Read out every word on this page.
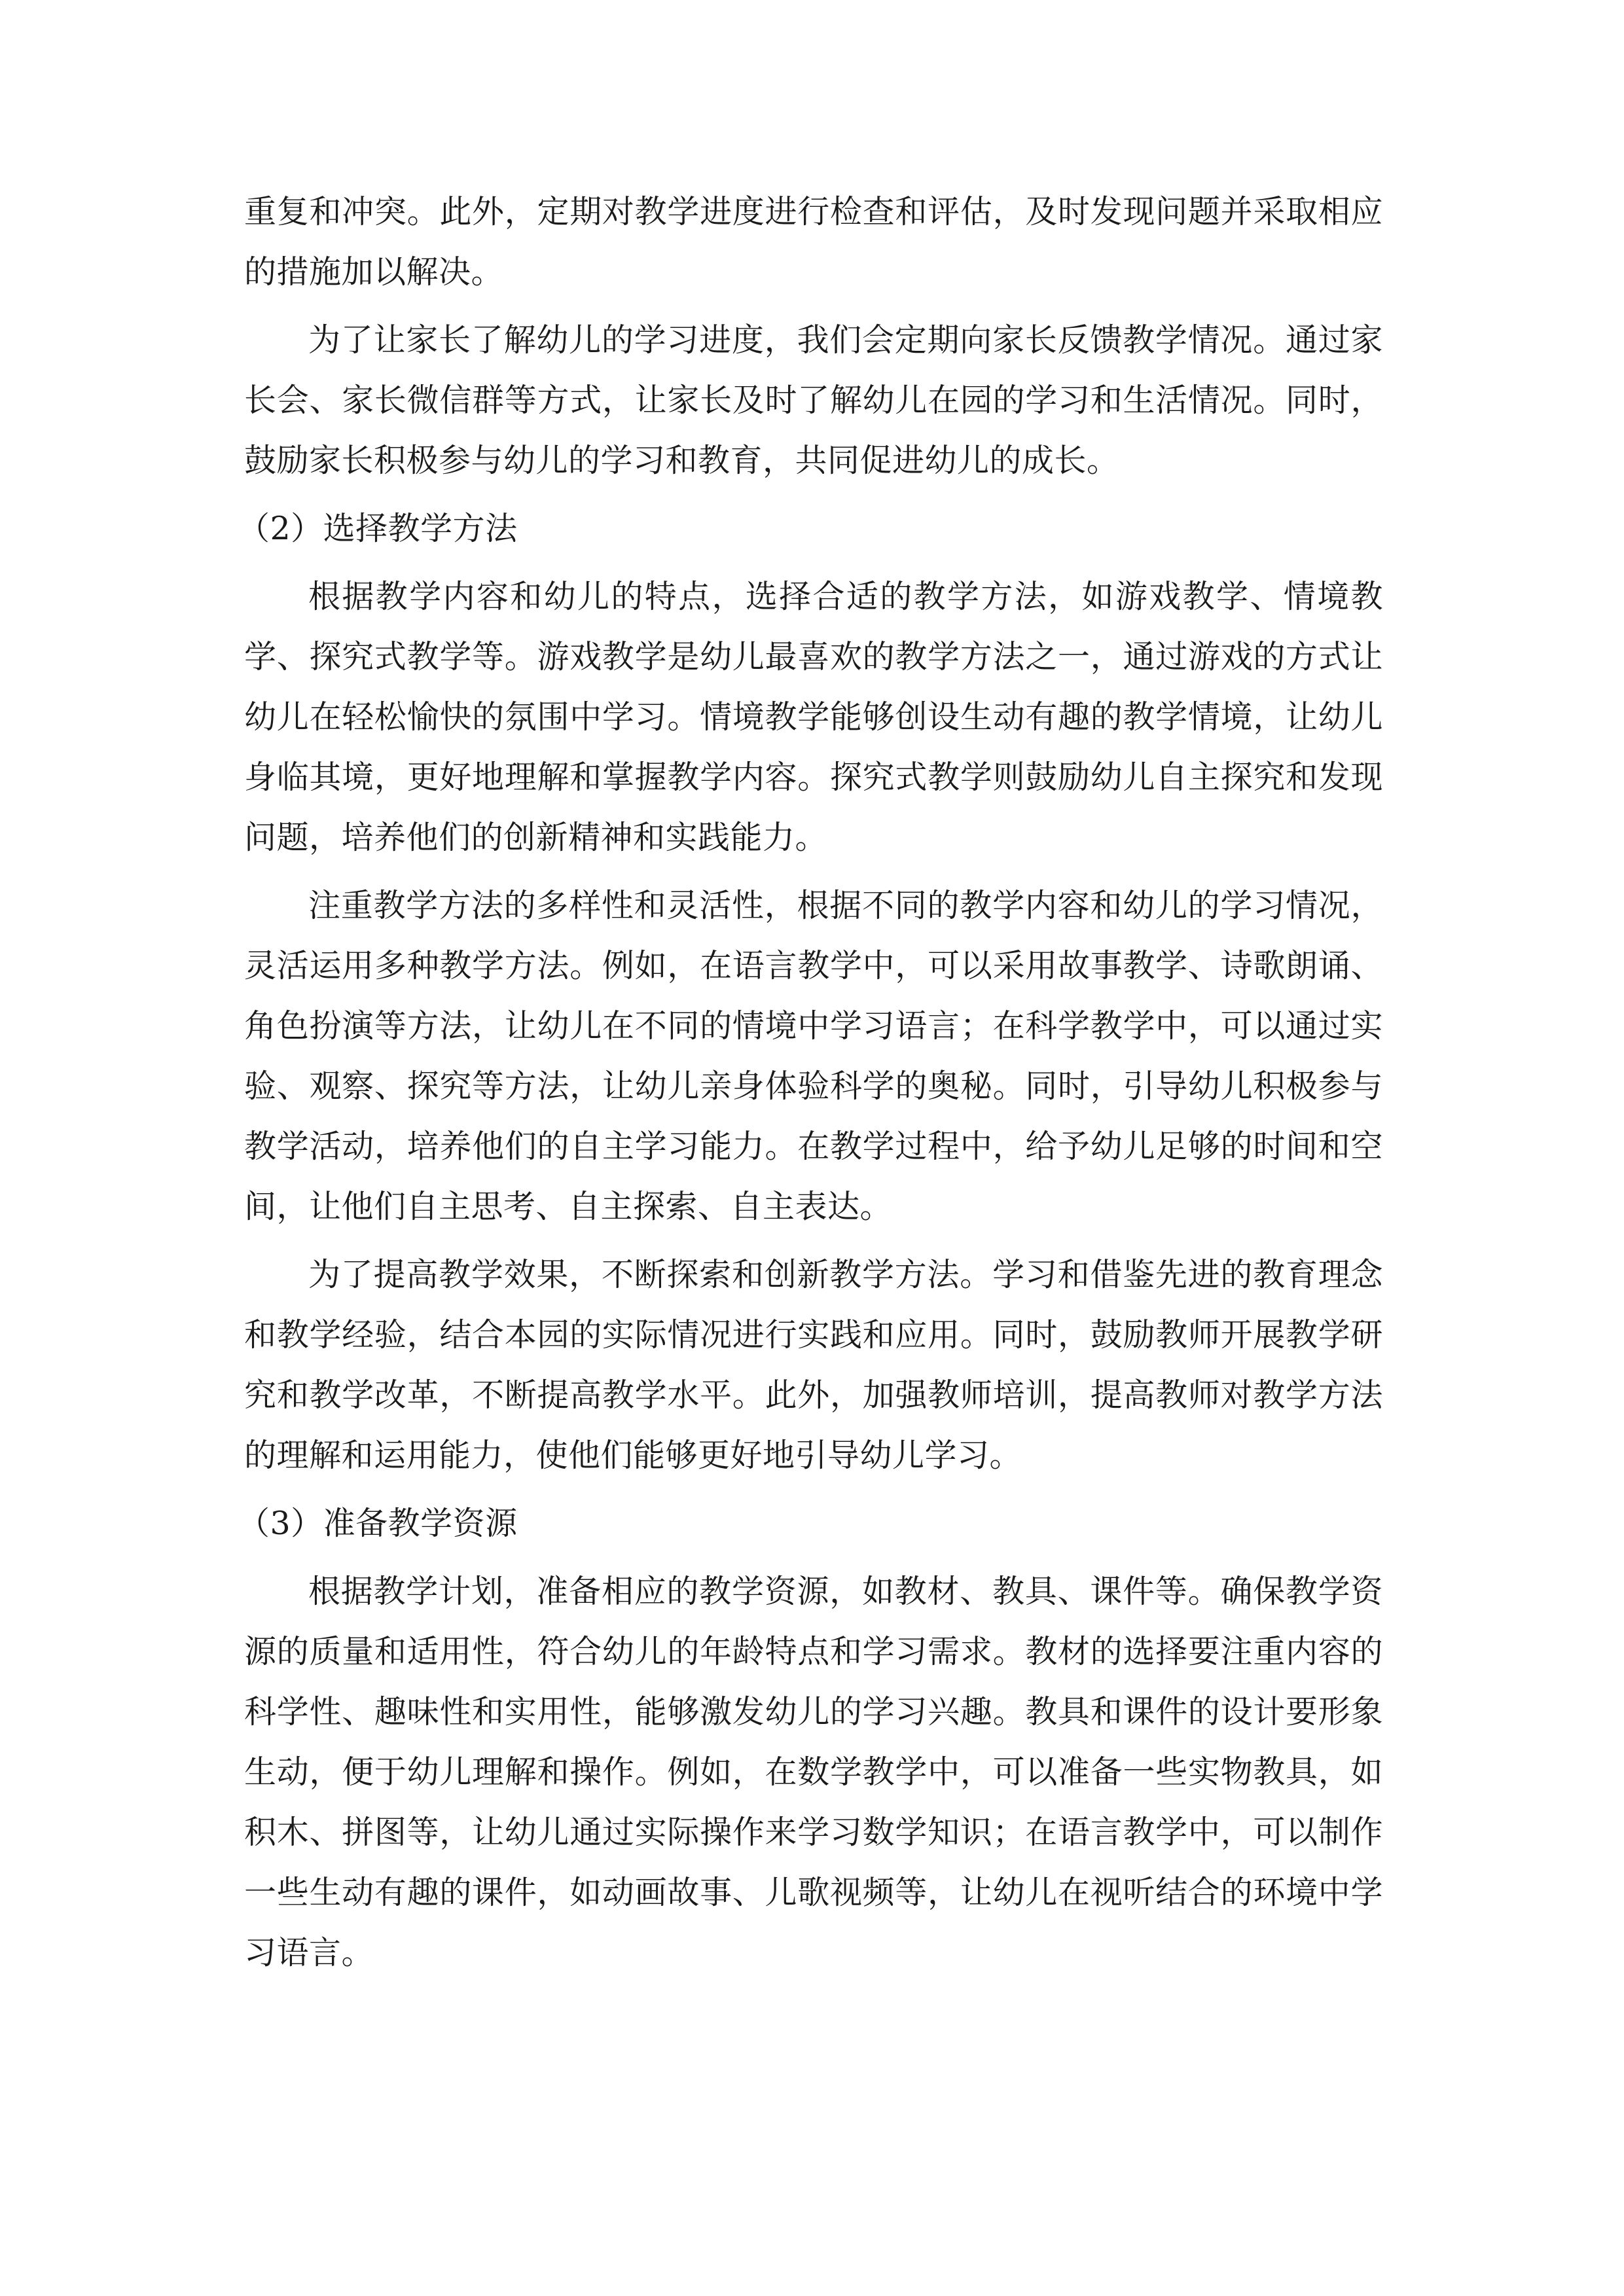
重复和冲突。此外，定期对教学进度进行检查和评估，及时发现问题并采取相应的措施加以解决。

为了让家长了解幼儿的学习进度，我们会定期向家长反馈教学情况。通过家长会、家长微信群等方式，让家长及时了解幼儿在园的学习和生活情况。同时，鼓励家长积极参与幼儿的学习和教育，共同促进幼儿的成长。

（2）选择教学方法

根据教学内容和幼儿的特点，选择合适的教学方法，如游戏教学、情境教学、探究式教学等。游戏教学是幼儿最喜欢的教学方法之一，通过游戏的方式让幼儿在轻松愉快的氛围中学习。情境教学能够创设生动有趣的教学情境，让幼儿身临其境，更好地理解和掌握教学内容。探究式教学则鼓励幼儿自主探究和发现问题，培养他们的创新精神和实践能力。

注重教学方法的多样性和灵活性，根据不同的教学内容和幼儿的学习情况，灵活运用多种教学方法。例如，在语言教学中，可以采用故事教学、诗歌朗诵、角色扮演等方法，让幼儿在不同的情境中学习语言；在科学教学中，可以通过实验、观察、探究等方法，让幼儿亲身体验科学的奥秘。同时，引导幼儿积极参与教学活动，培养他们的自主学习能力。在教学过程中，给予幼儿足够的时间和空间，让他们自主思考、自主探索、自主表达。

为了提高教学效果，不断探索和创新教学方法。学习和借鉴先进的教育理念和教学经验，结合本园的实际情况进行实践和应用。同时，鼓励教师开展教学研究和教学改革，不断提高教学水平。此外，加强教师培训，提高教师对教学方法的理解和运用能力，使他们能够更好地引导幼儿学习。

（3）准备教学资源

根据教学计划，准备相应的教学资源，如教材、教具、课件等。确保教学资源的质量和适用性，符合幼儿的年龄特点和学习需求。教材的选择要注重内容的科学性、趣味性和实用性，能够激发幼儿的学习兴趣。教具和课件的设计要形象生动，便于幼儿理解和操作。例如，在数学教学中，可以准备一些实物教具，如积木、拼图等，让幼儿通过实际操作来学习数学知识；在语言教学中，可以制作一些生动有趣的课件，如动画故事、儿歌视频等，让幼儿在视听结合的环境中学习语言。
